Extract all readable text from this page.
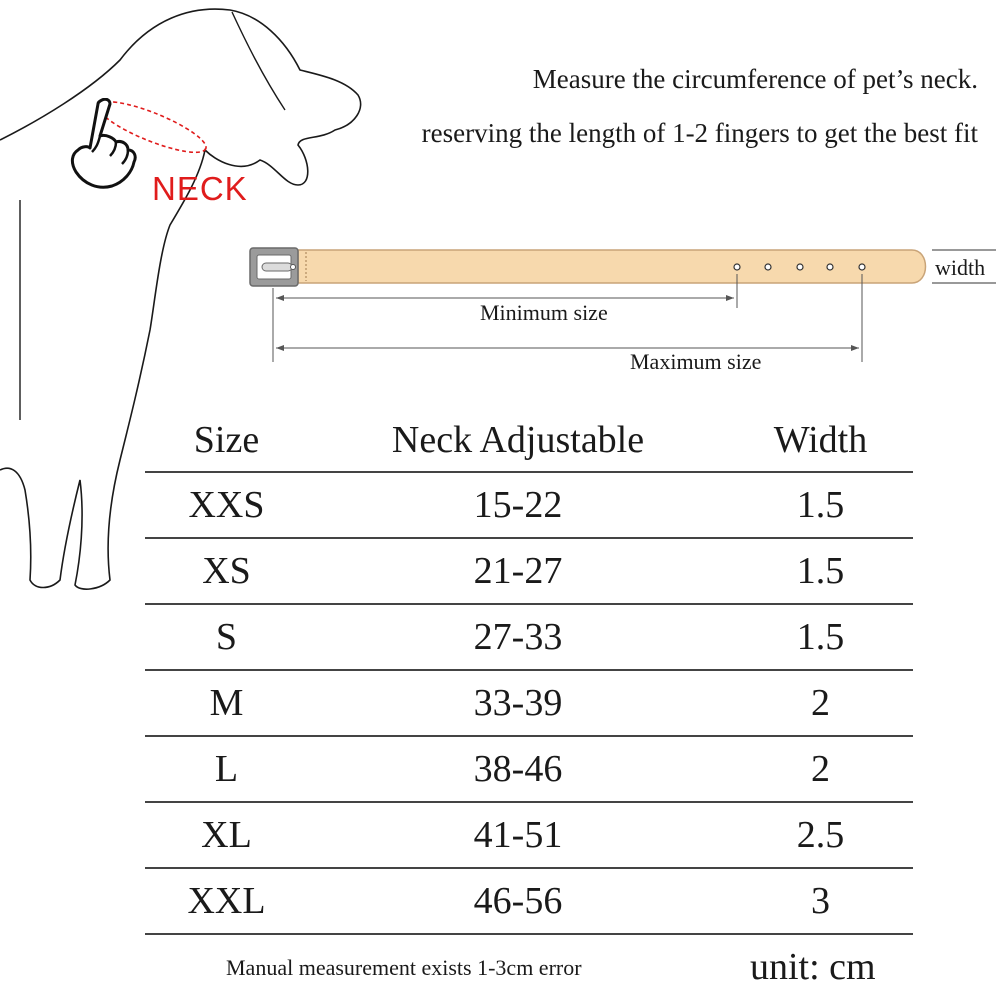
NECK
Measure the circumference of pet’s neck.
reserving the length of 1-2 fingers to get the best fit
width
Minimum size
Maximum size
Size	Neck Adjustable	Width
XXS	15-22	1.5
XS	21-27	1.5
S	27-33	1.5
M	33-39	2
L	38-46	2
XL	41-51	2.5
XXL	46-56	3
Manual measurement exists 1-3cm error	unit: cm
